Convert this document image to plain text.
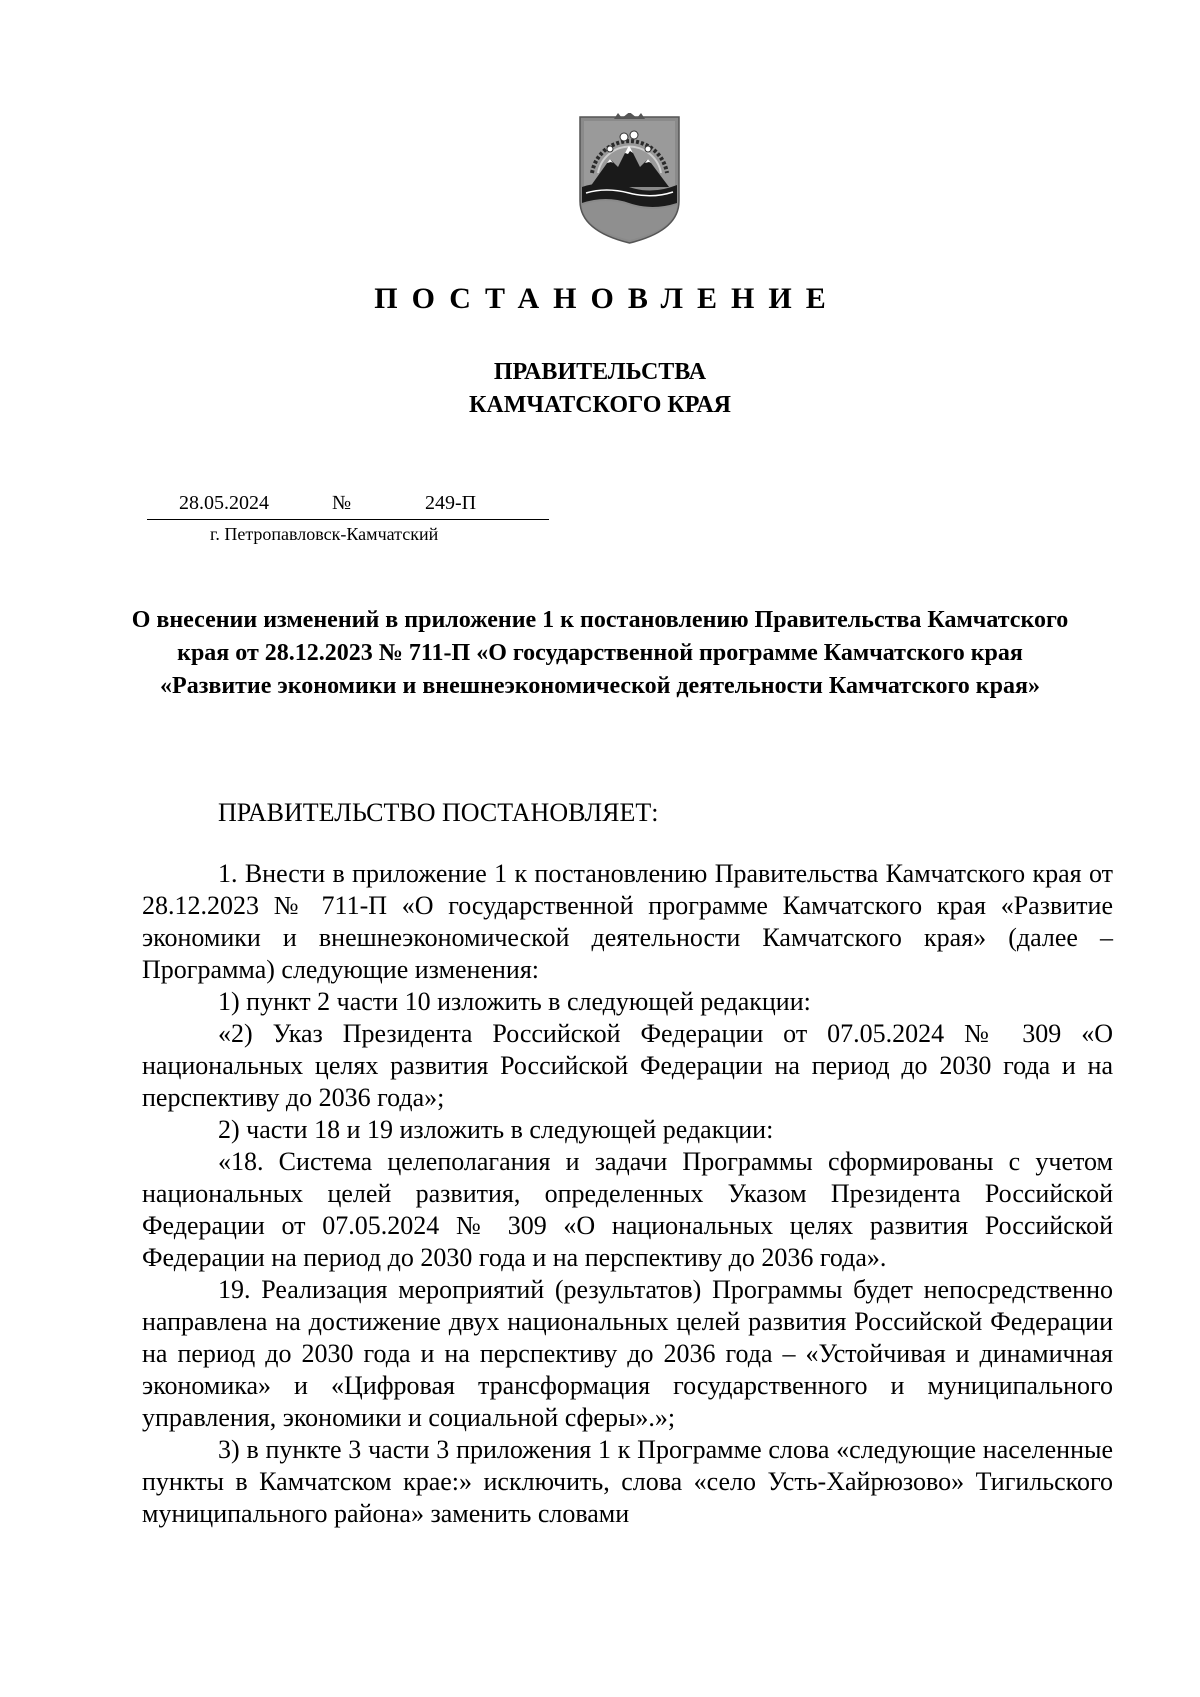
ПОСТАНОВЛЕНИЕ
ПРАВИТЕЛЬСТВА
КАМЧАТСКОГО КРАЯ
28.05.2024	№	249-П
г. Петропавловск-Камчатский
О внесении изменений в приложение 1 к постановлению Правительства Камчатского края от 28.12.2023 № 711-П «О государственной программе Камчатского края «Развитие экономики и внешнеэкономической деятельности Камчатского края»
ПРАВИТЕЛЬСТВО ПОСТАНОВЛЯЕТ:

1. Внести в приложение 1 к постановлению Правительства Камчатского края от 28.12.2023 № 711-П «О государственной программе Камчатского края «Развитие экономики и внешнеэкономической деятельности Камчатского края» (далее – Программа) следующие изменения:

1) пункт 2 части 10 изложить в следующей редакции:

«2) Указ Президента Российской Федерации от 07.05.2024 № 309 «О национальных целях развития Российской Федерации на период до 2030 года и на перспективу до 2036 года»;

2) части 18 и 19 изложить в следующей редакции:

«18. Система целеполагания и задачи Программы сформированы с учетом национальных целей развития, определенных Указом Президента Российской Федерации от 07.05.2024 № 309 «О национальных целях развития Российской Федерации на период до 2030 года и на перспективу до 2036 года».

19. Реализация мероприятий (результатов) Программы будет непосредственно направлена на достижение двух национальных целей развития Российской Федерации на период до 2030 года и на перспективу до 2036 года – «Устойчивая и динамичная экономика» и «Цифровая трансформация государственного и муниципального управления, экономики и социальной сферы».»;

3) в пункте 3 части 3 приложения 1 к Программе слова «следующие населенные пункты в Камчатском крае:» исключить, слова «село Усть-Хайрюзово» Тигильского муниципального района» заменить словами
